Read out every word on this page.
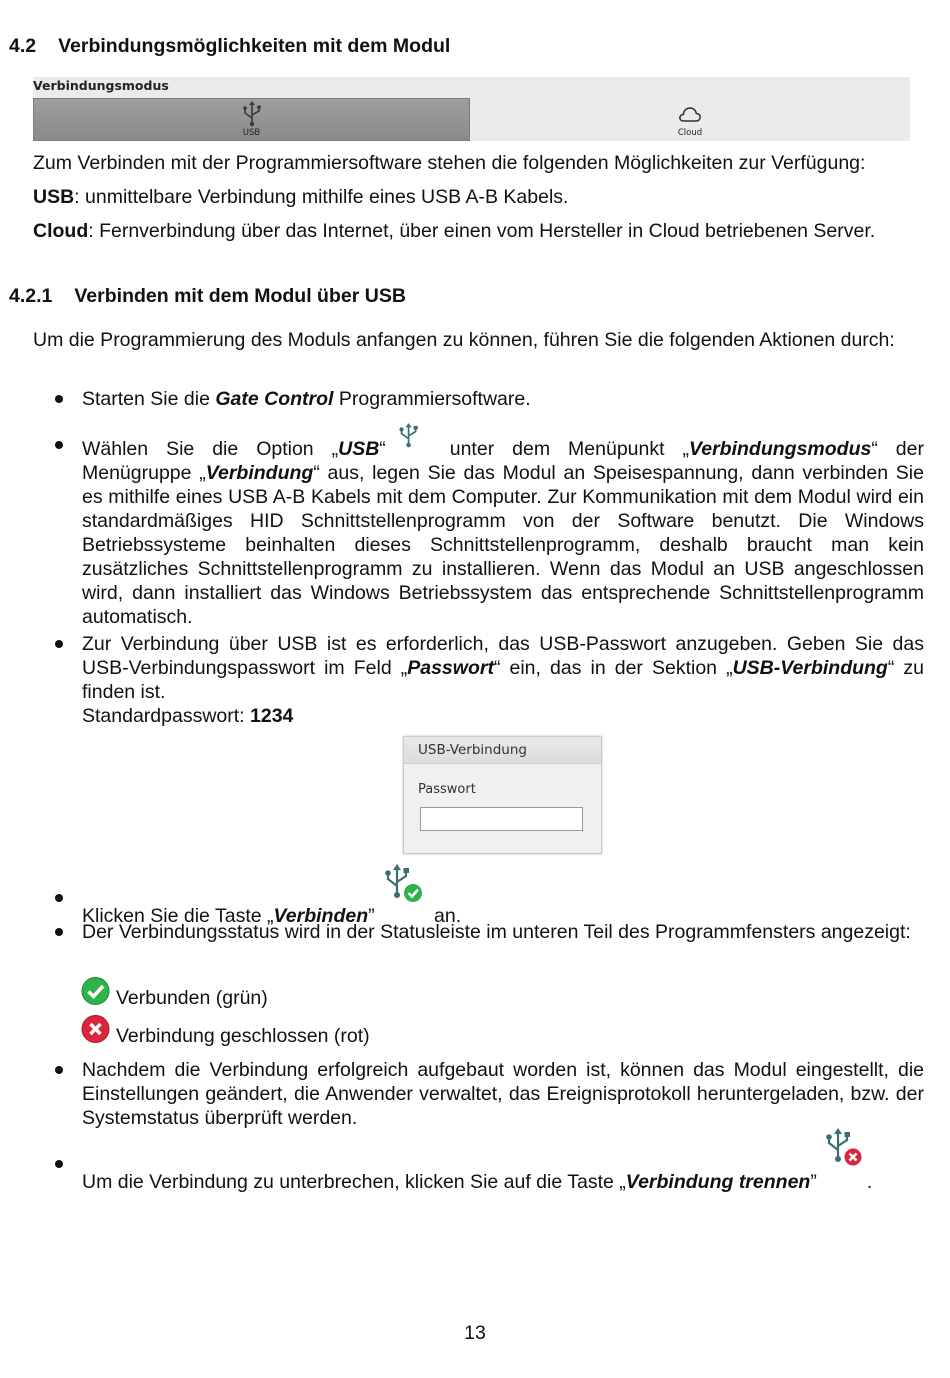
4.2 Verbindungsmöglichkeiten mit dem Modul
Verbindungsmodus
USB	Cloud

Zum Verbinden mit der Programmiersoftware stehen die folgenden Möglichkeiten zur Verfügung:

USB: unmittelbare Verbindung mithilfe eines USB A-B Kabels.

Cloud: Fernverbindung über das Internet, über einen vom Hersteller in Cloud betriebenen Server.

4.2.1 Verbinden mit dem Modul über USB

Um die Programmierung des Moduls anfangen zu können, führen Sie die folgenden Aktionen durch:

Starten Sie die Gate Control Programmiersoftware.

Wählen Sie die Option „USB“ unter dem Menüpunkt „Verbindungsmodus“ der Menügruppe „Verbindung“ aus, legen Sie das Modul an Speisespannung, dann verbinden Sie es mithilfe eines USB A-B Kabels mit dem Computer. Zur Kommunikation mit dem Modul wird ein standardmäßiges HID Schnittstellenprogramm von der Software benutzt. Die Windows Betriebssysteme beinhalten dieses Schnittstellenprogramm, deshalb braucht man kein zusätzliches Schnittstellenprogramm zu installieren. Wenn das Modul an USB angeschlossen wird, dann installiert das Windows Betriebssystem das entsprechende Schnittstellenprogramm automatisch.

Zur Verbindung über USB ist es erforderlich, das USB-Passwort anzugeben. Geben Sie das USB-Verbindungspasswort im Feld „Passwort“ ein, das in der Sektion „USB-Verbindung“ zu finden ist.
Standardpasswort: 1234

USB-Verbindung
Passwort

Klicken Sie die Taste „Verbinden”	an.

Der Verbindungsstatus wird in der Statusleiste im unteren Teil des Programmfensters angezeigt:

Verbunden (grün)

Verbindung geschlossen (rot)

Nachdem die Verbindung erfolgreich aufgebaut worden ist, können das Modul eingestellt, die Einstellungen geändert, die Anwender verwaltet, das Ereignisprotokoll heruntergeladen, bzw. der Systemstatus überprüft werden.

Um die Verbindung zu unterbrechen, klicken Sie auf die Taste „Verbindung trennen”	.

13
